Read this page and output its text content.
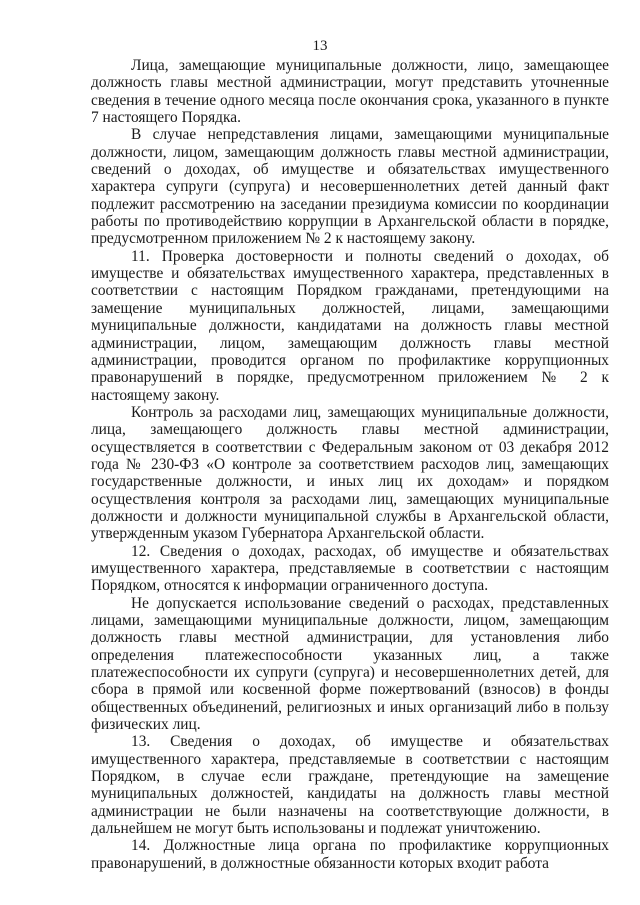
13

Лица, замещающие муниципальные должности, лицо, замещающее должность главы местной администрации, могут представить уточненные сведения в течение одного месяца после окончания срока, указанного в пункте 7 настоящего Порядка.

В случае непредставления лицами, замещающими муниципальные должности, лицом, замещающим должность главы местной администрации, сведений о доходах, об имуществе и обязательствах имущественного характера супруги (супруга) и несовершеннолетних детей данный факт подлежит рассмотрению на заседании президиума комиссии по координации работы по противодействию коррупции в Архангельской области в порядке, предусмотренном приложением № 2 к настоящему закону.

11. Проверка достоверности и полноты сведений о доходах, об имуществе и обязательствах имущественного характера, представленных в соответствии с настоящим Порядком гражданами, претендующими на замещение муниципальных должностей, лицами, замещающими муниципальные должности, кандидатами на должность главы местной администрации, лицом, замещающим должность главы местной администрации, проводится органом по профилактике коррупционных правонарушений в порядке, предусмотренном приложением № 2 к настоящему закону.

Контроль за расходами лиц, замещающих муниципальные должности, лица, замещающего должность главы местной администрации, осуществляется в соответствии с Федеральным законом от 03 декабря 2012 года № 230-ФЗ «О контроле за соответствием расходов лиц, замещающих государственные должности, и иных лиц их доходам» и порядком осуществления контроля за расходами лиц, замещающих муниципальные должности и должности муниципальной службы в Архангельской области, утвержденным указом Губернатора Архангельской области.

12. Сведения о доходах, расходах, об имуществе и обязательствах имущественного характера, представляемые в соответствии с настоящим Порядком, относятся к информации ограниченного доступа.

Не допускается использование сведений о расходах, представленных лицами, замещающими муниципальные должности, лицом, замещающим должность главы местной администрации, для установления либо определения платежеспособности указанных лиц, а также платежеспособности их супруги (супруга) и несовершеннолетних детей, для сбора в прямой или косвенной форме пожертвований (взносов) в фонды общественных объединений, религиозных и иных организаций либо в пользу физических лиц.

13. Сведения о доходах, об имуществе и обязательствах имущественного характера, представляемые в соответствии с настоящим Порядком, в случае если граждане, претендующие на замещение муниципальных должностей, кандидаты на должность главы местной администрации не были назначены на соответствующие должности, в дальнейшем не могут быть использованы и подлежат уничтожению.

14. Должностные лица органа по профилактике коррупционных правонарушений, в должностные обязанности которых входит работа
